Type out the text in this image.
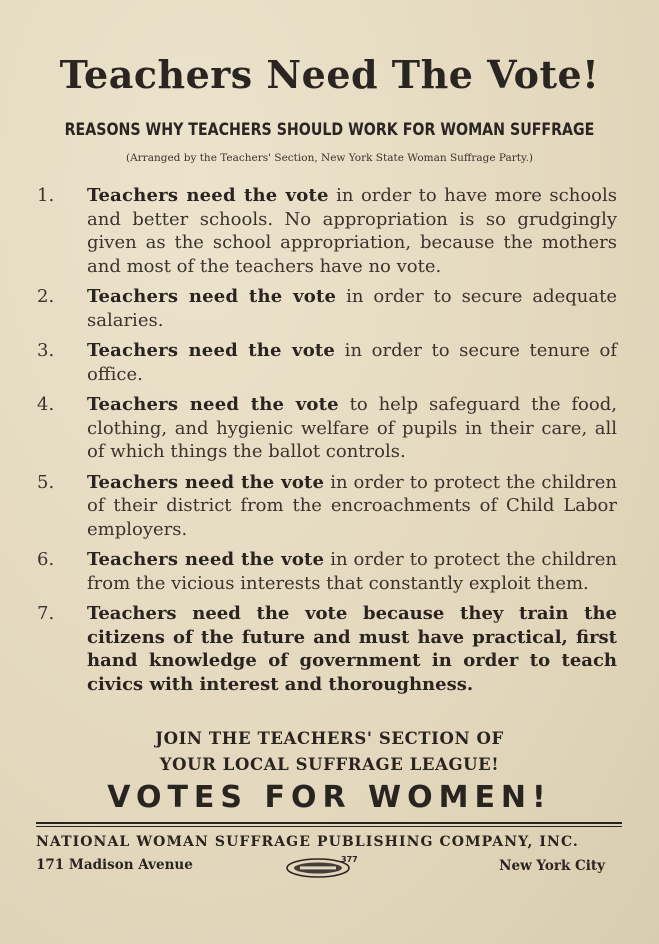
Teachers Need The Vote!
REASONS WHY TEACHERS SHOULD WORK FOR WOMAN SUFFRAGE
(Arranged by the Teachers' Section, New York State Woman Suffrage Party.)
1.	Teachers need the vote in order to have more schools and better schools. No appropriation is so grudgingly given as the school appropriation, because the mothers and most of the teachers have no vote.
2.	Teachers need the vote in order to secure adequate salaries.
3.	Teachers need the vote in order to secure tenure of office.
4.	Teachers need the vote to help safeguard the food, clothing, and hygienic welfare of pupils in their care, all of which things the ballot controls.
5.	Teachers need the vote in order to protect the children of their district from the encroachments of Child Labor employers.
6.	Teachers need the vote in order to protect the children from the vicious interests that constantly exploit them.
7.	Teachers need the vote because they train the citizens of the future and must have practical, first hand knowledge of government in order to teach civics with interest and thoroughness.
JOIN THE TEACHERS' SECTION OF
YOUR LOCAL SUFFRAGE LEAGUE!
VOTES FOR WOMEN!
NATIONAL WOMAN SUFFRAGE PUBLISHING COMPANY, INC.
171 Madison Avenue	377	New York City
